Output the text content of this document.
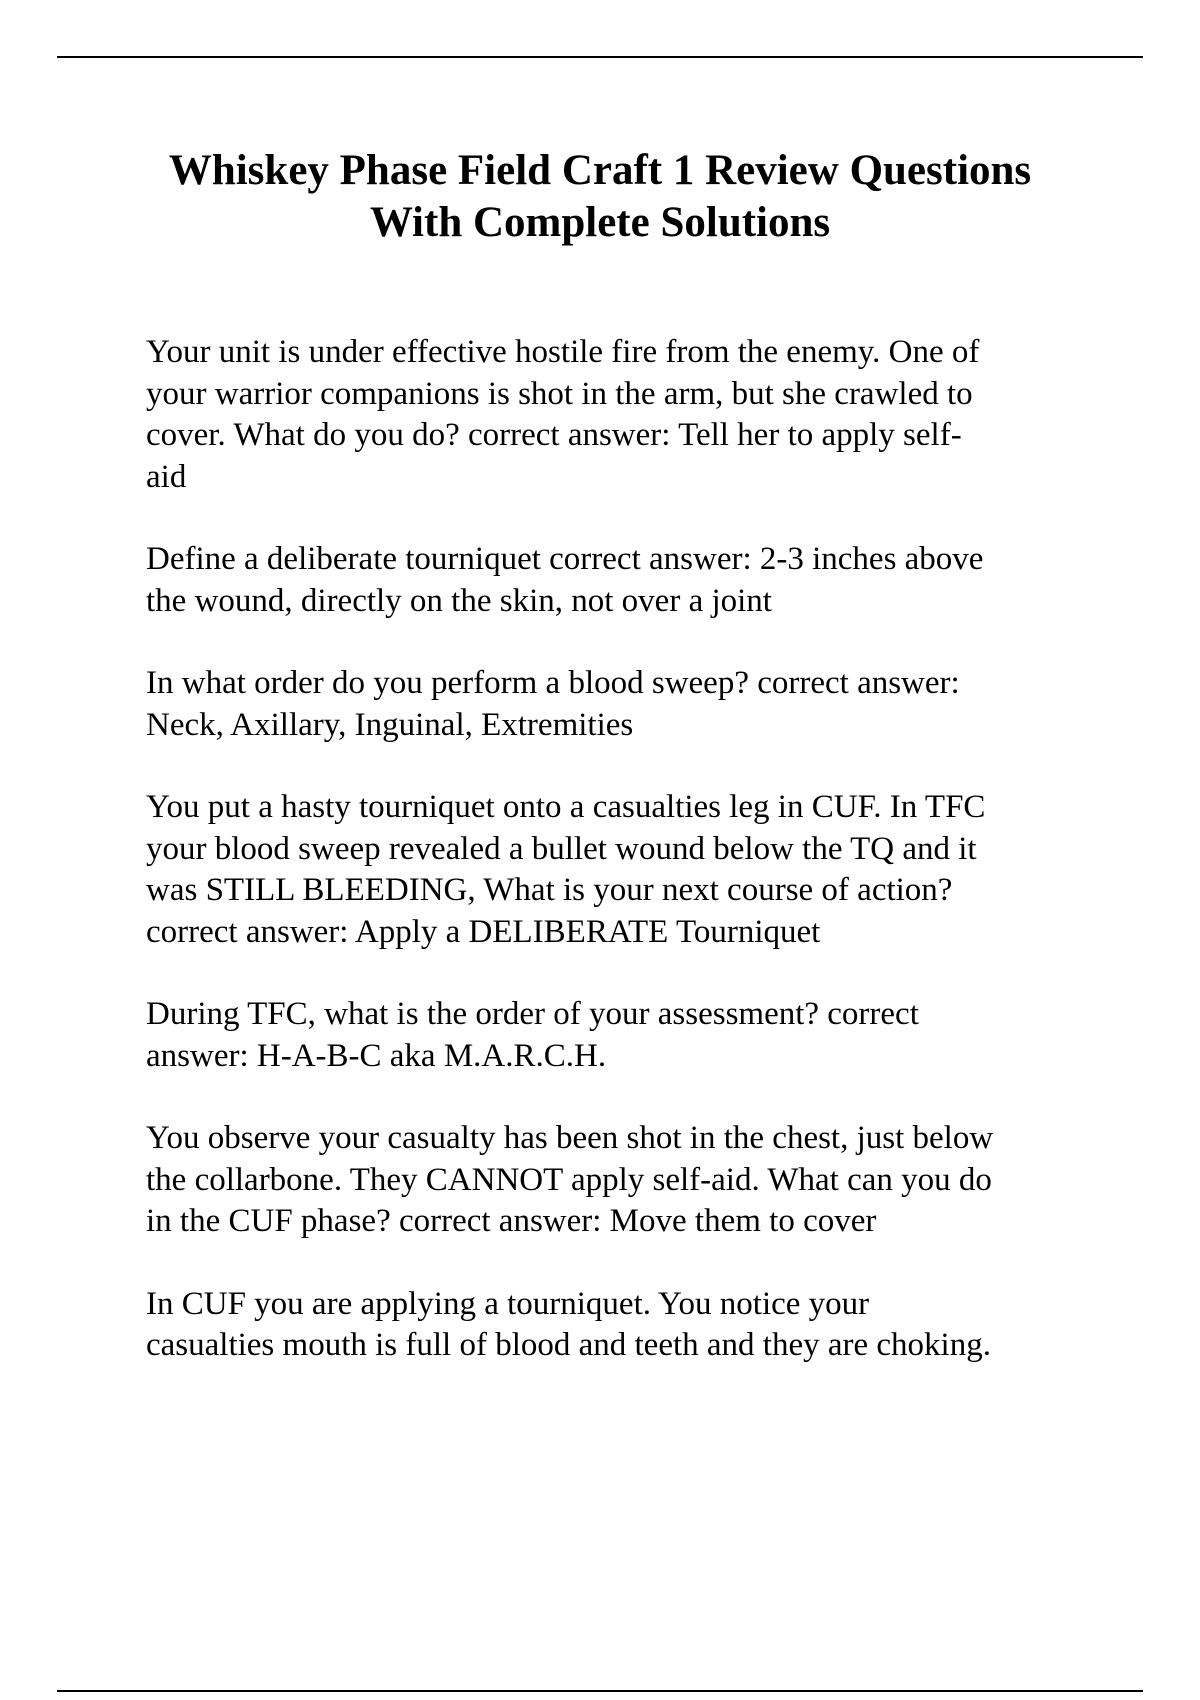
Whiskey Phase Field Craft 1 Review Questions
With Complete Solutions

Your unit is under effective hostile fire from the enemy. One of
your warrior companions is shot in the arm, but she crawled to
cover. What do you do? correct answer: Tell her to apply self-
aid

Define a deliberate tourniquet correct answer: 2-3 inches above
the wound, directly on the skin, not over a joint

In what order do you perform a blood sweep? correct answer:
Neck, Axillary, Inguinal, Extremities

You put a hasty tourniquet onto a casualties leg in CUF. In TFC
your blood sweep revealed a bullet wound below the TQ and it
was STILL BLEEDING, What is your next course of action?
correct answer: Apply a DELIBERATE Tourniquet

During TFC, what is the order of your assessment? correct
answer: H-A-B-C aka M.A.R.C.H.

You observe your casualty has been shot in the chest, just below
the collarbone. They CANNOT apply self-aid. What can you do
in the CUF phase? correct answer: Move them to cover

In CUF you are applying a tourniquet. You notice your
casualties mouth is full of blood and teeth and they are choking.
